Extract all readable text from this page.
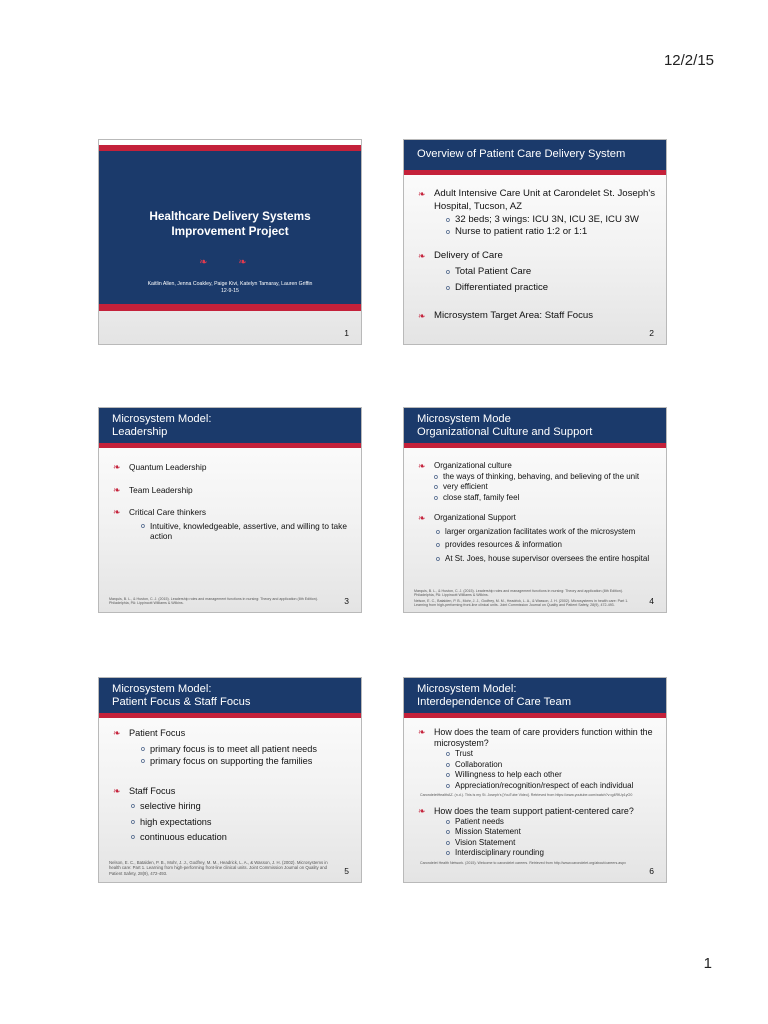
12/2/15
Healthcare Delivery Systems
Improvement Project
❧ ❧
Kaitlin Allen, Jenna Coakley, Paige Kivi, Katelyn Tamaray, Lauren Griffin
12-9-15
1
Overview of Patient Care Delivery System
❧ Adult Intensive Care Unit at Carondelet St. Joseph's Hospital, Tucson, AZ
o 32 beds; 3 wings: ICU 3N, ICU 3E, ICU 3W
o Nurse to patient ratio 1:2 or 1:1
❧ Delivery of Care
o Total Patient Care
o Differentiated practice
❧ Microsystem Target Area: Staff Focus
2
Microsystem Model:
Leadership
❧ Quantum Leadership
❧ Team Leadership
❧ Critical Care thinkers
o Intuitive, knowledgeable, assertive, and willing to take action

Marquis, B. L., & Huston, C. J. (2015). Leadership roles and management functions in nursing: Theory and application (8th Edition). Philadelphia, PA: Lippincott Williams & Wilkins.	3
Microsystem Mode
Organizational Culture and Support
❧ Organizational culture
o the ways of thinking, behaving, and believing of the unit
o very efficient
o close staff, family feel
❧ Organizational Support
o larger organization facilitates work of the microsystem
o provides resources & information
o At St. Joes, house supervisor oversees the entire hospital

Marquis, B. L., & Huston, C. J. (2015). Leadership roles and management functions in nursing: Theory and application (8th Edition). Philadelphia, PA: Lippincott Williams & Wilkins.

Nelson, E. C., Batalden, P. B., Mohr, J. J., Godfrey, M. M., Headrick, L. A., & Wasson, J. H. (2002). Microsystems in health care: Part 1. Learning from high-performing front-line clinical units. Joint Commission Journal on Quality and Patient Safety, 28(9), 472-493.	4
Microsystem Model:
Patient Focus & Staff Focus
❧ Patient Focus
o primary focus is to meet all patient needs
o primary focus on supporting the families
❧ Staff Focus
o selective hiring
o high expectations
o continuous education

Nelson, E. C., Batalden, P. B., Mohr, J. J., Godfrey, M. M., Headrick, L. A., & Wasson, J. H. (2002). Microsystems in health care: Part 1. Learning from high-performing front-line clinical units. Joint Commission Journal on Quality and Patient Safety, 28(9), 472-493.	5
Microsystem Model:
Interdependence of Care Team
❧ How does the team of care providers function within the microsystem?
o Trust
o Collaboration
o Willingness to help each other
o Appreciation/recognition/respect of each individual
CarondeletHealthAZ. (n.d.). This is my St. Joseph's [YouTube Video]. Retrieved from https://www.youtube.com/watch?v=g4RfUp1yO0
❧ How does the team support patient-centered care?
o Patient needs
o Mission Statement
o Vision Statement
o Interdisciplinary rounding
Carondelet Health Network. (2015). Welcome to carondelet careers. Retrieved from http://www.carondelet.org/about/careers.aspx
6
1
